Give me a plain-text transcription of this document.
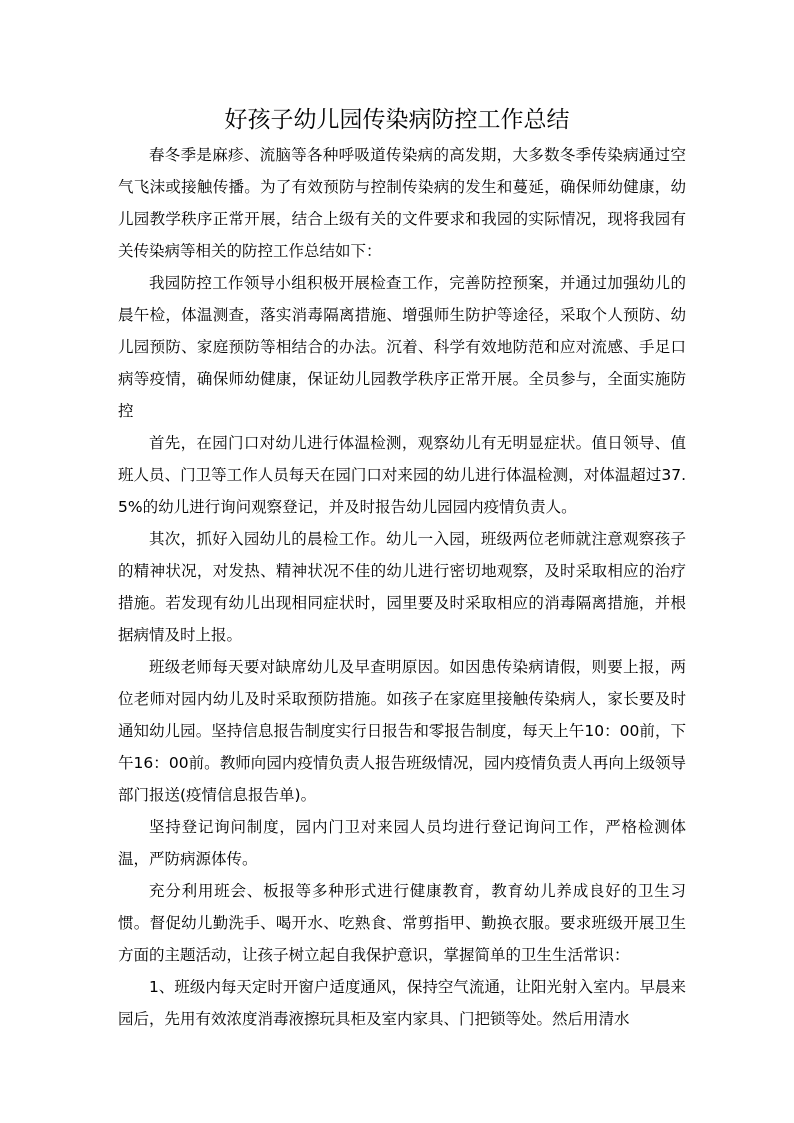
好孩子幼儿园传染病防控工作总结

春冬季是麻疹、流脑等各种呼吸道传染病的高发期，大多数冬季传染病通过空气飞沫或接触传播。为了有效预防与控制传染病的发生和蔓延，确保师幼健康，幼儿园教学秩序正常开展，结合上级有关的文件要求和我园的实际情况，现将我园有关传染病等相关的防控工作总结如下：

我园防控工作领导小组积极开展检查工作，完善防控预案，并通过加强幼儿的晨午检，体温测查，落实消毒隔离措施、增强师生防护等途径，采取个人预防、幼儿园预防、家庭预防等相结合的办法。沉着、科学有效地防范和应对流感、手足口病等疫情，确保师幼健康，保证幼儿园教学秩序正常开展。全员参与，全面实施防控

首先，在园门口对幼儿进行体温检测，观察幼儿有无明显症状。值日领导、值班人员、门卫等工作人员每天在园门口对来园的幼儿进行体温检测，对体温超过37.5%的幼儿进行询问观察登记，并及时报告幼儿园园内疫情负责人。

其次，抓好入园幼儿的晨检工作。幼儿一入园，班级两位老师就注意观察孩子的精神状况，对发热、精神状况不佳的幼儿进行密切地观察，及时采取相应的治疗措施。若发现有幼儿出现相同症状时，园里要及时采取相应的消毒隔离措施，并根据病情及时上报。

班级老师每天要对缺席幼儿及早查明原因。如因患传染病请假，则要上报，两位老师对园内幼儿及时采取预防措施。如孩子在家庭里接触传染病人，家长要及时通知幼儿园。坚持信息报告制度实行日报告和零报告制度，每天上午10：00前，下午16：00前。教师向园内疫情负责人报告班级情况，园内疫情负责人再向上级领导部门报送(疫情信息报告单)。

坚持登记询问制度，园内门卫对来园人员均进行登记询问工作，严格检测体温，严防病源体传。

充分利用班会、板报等多种形式进行健康教育，教育幼儿养成良好的卫生习惯。督促幼儿勤洗手、喝开水、吃熟食、常剪指甲、勤换衣服。要求班级开展卫生方面的主题活动，让孩子树立起自我保护意识，掌握简单的卫生生活常识：

1、班级内每天定时开窗户适度通风，保持空气流通，让阳光射入室内。早晨来园后，先用有效浓度消毒液擦玩具柜及室内家具、门把锁等处。然后用清水
